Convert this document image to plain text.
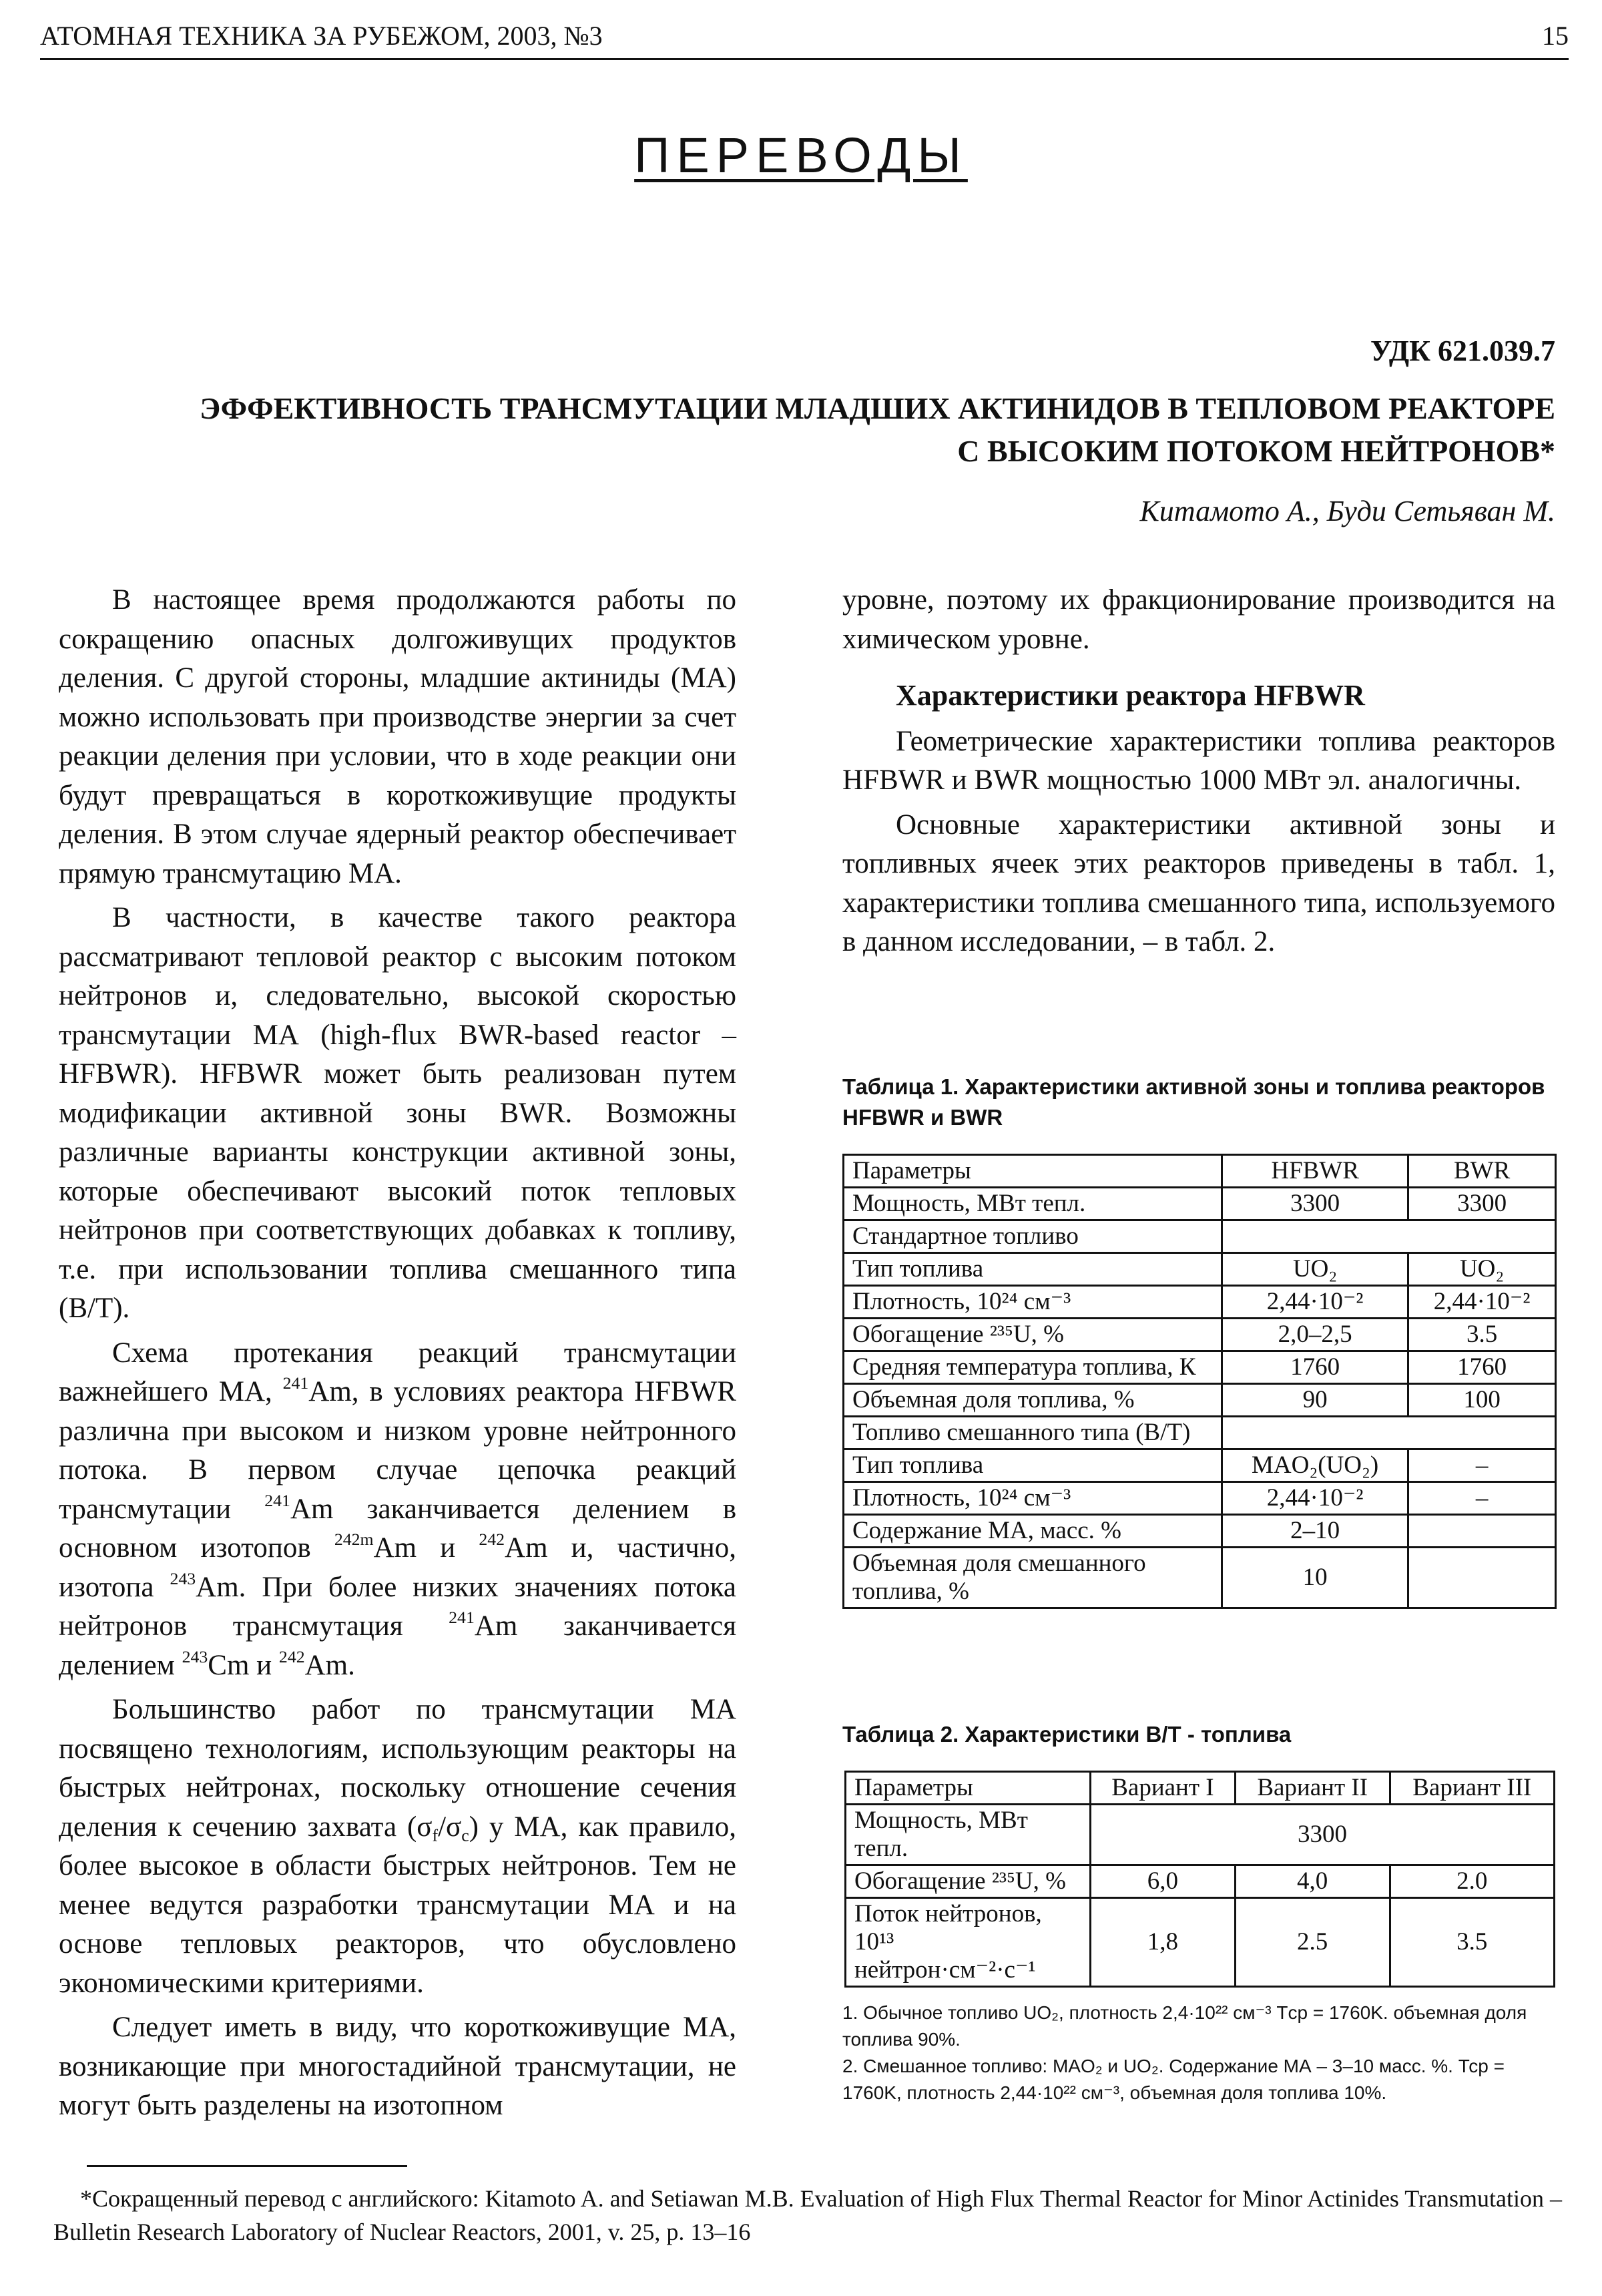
АТОМНАЯ ТЕХНИКА ЗА РУБЕЖОМ, 2003, №3	15
ПЕРЕВОДЫ
УДК 621.039.7
ЭФФЕКТИВНОСТЬ ТРАНСМУТАЦИИ МЛАДШИХ АКТИНИДОВ В ТЕПЛОВОМ РЕАКТОРЕ
С ВЫСОКИМ ПОТОКОМ НЕЙТРОНОВ*
Китамото А., Буди Сетьяван М.

В настоящее время продолжаются работы по сокращению опасных долгоживущих продуктов деления. С другой стороны, младшие актиниды (МА) можно использовать при производстве энергии за счет реакции деления при условии, что в ходе реакции они будут превращаться в короткоживущие продукты деления. В этом случае ядерный реактор обеспечивает прямую трансмутацию МА.

В частности, в качестве такого реактора рассматривают тепловой реактор с высоким потоком нейтронов и, следовательно, высокой скоростью трансмутации МА (high-flux BWR-based reactor – HFBWR). HFBWR может быть реализован путем модификации активной зоны BWR. Возможны различные варианты конструкции активной зоны, которые обеспечивают высокий поток тепловых нейтронов при соответствующих добавках к топливу, т.е. при использовании топлива смешанного типа (B/T).

Схема протекания реакций трансмутации важнейшего МА, $^{241}$Am, в условиях реактора HFBWR различна при высоком и низком уровне нейтронного потока. В первом случае цепочка реакций трансмутации $^{241}$Am заканчивается делением в основном изотопов $^{242m}$Am и $^{242}$Am и, частично, изотопа $^{243}$Am. При более низких значениях потока нейтронов трансмутация $^{241}$Am заканчивается делением $^{243}$Cm и $^{242}$Am.

Большинство работ по трансмутации МА посвящено технологиям, использующим реакторы на быстрых нейтронах, поскольку отношение сечения деления к сечению захвата $(\sigma_f/\sigma_c)$ у МА, как правило, более высокое в области быстрых нейтронов. Тем не менее ведутся разработки трансмутации МА и на основе тепловых реакторов, что обусловлено экономическими критериями.

Следует иметь в виду, что короткоживущие МА, возникающие при многостадийной трансмутации, не могут быть разделены на изотопном

уровне, поэтому их фракционирование производится на химическом уровне.

Характеристики реактора HFBWR

Геометрические характеристики топлива реакторов HFBWR и BWR мощностью 1000 МВт эл. аналогичны.

Основные характеристики активной зоны и топливных ячеек этих реакторов приведены в табл. 1, характеристики топлива смешанного типа, используемого в данном исследовании, – в табл. 2.

Таблица 1. Характеристики активной зоны и топлива реакторов HFBWR и BWR
Параметры	HFBWR	BWR
Мощность, МВт тепл.	3300	3300
Стандартное топливо		
Тип топлива	UO₂	UO₂
Плотность, 10²⁴ см⁻³	2,44·10⁻²	2,44·10⁻²
Обогащение ²³⁵U, %	2,0–2,5	3.5
Средняя температура топлива, К	1760	1760
Объемная доля топлива, %	90	100
Топливо смешанного типа (B/T)		
Тип топлива	MAO₂(UO₂)	–
Плотность, 10²⁴ см⁻³	2,44·10⁻²	–
Содержание МА, масс. %	2–10	
Объемная доля смешанного топлива, %	10	
Таблица 2. Характеристики B/T - топлива
Параметры	Вариант I	Вариант II	Вариант III
Мощность, МВт тепл.	3300		
Обогащение ²³⁵U, %	6,0	4,0	2.0
Поток нейтронов, 10¹³ нейтрон·см⁻²·с⁻¹	1,8	2.5	3.5
1. Обычное топливо UO₂, плотность 2,4·10²² см⁻³ Tср = 1760K. объемная доля топлива 90%.
2. Смешанное топливо: MAO₂ и UO₂. Содержание МА – 3–10 масс. %. Тср = 1760K, плотность 2,44·10²² см⁻³, объемная доля топлива 10%.
*Сокращенный перевод с английского: Kitamoto A. and Setiawan M.B. Evaluation of High Flux Thermal Reactor for Minor Actinides Transmutation – Bulletin Research Laboratory of Nuclear Reactors, 2001, v. 25, p. 13–16
